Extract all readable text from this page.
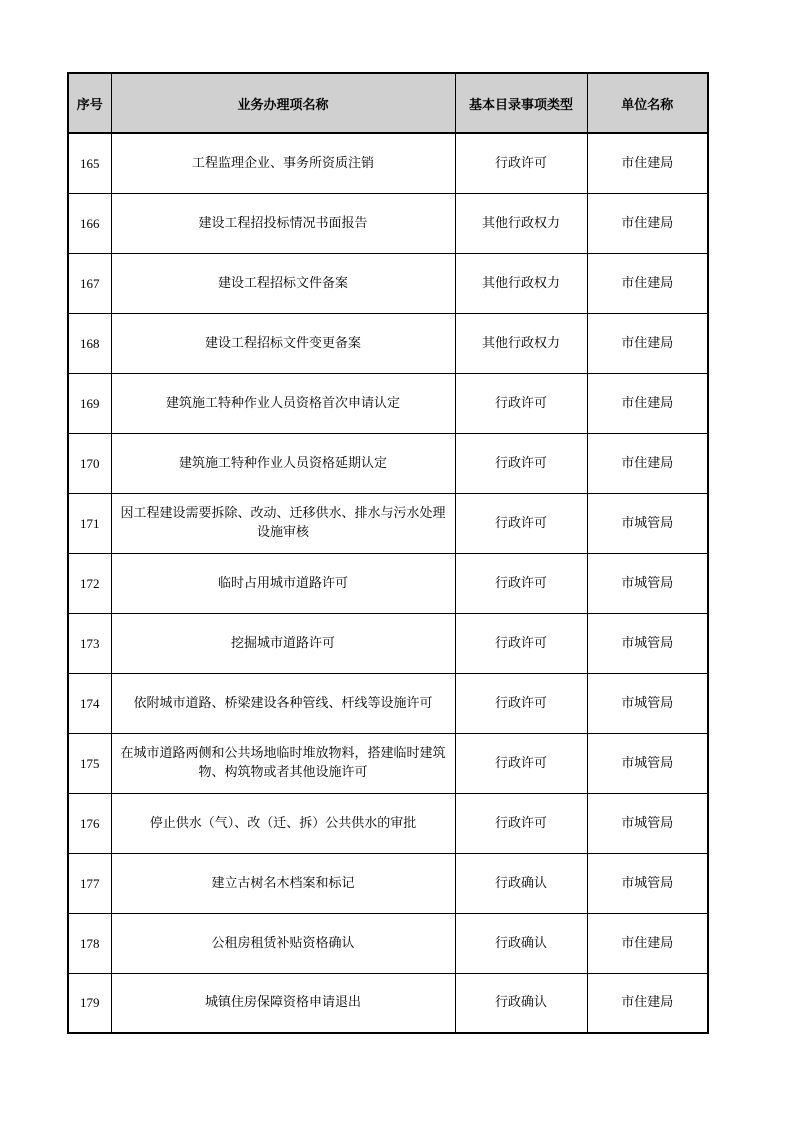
序号	业务办理项名称	基本目录事项类型	单位名称
165	工程监理企业、事务所资质注销	行政许可	市住建局
166	建设工程招投标情况书面报告	其他行政权力	市住建局
167	建设工程招标文件备案	其他行政权力	市住建局
168	建设工程招标文件变更备案	其他行政权力	市住建局
169	建筑施工特种作业人员资格首次申请认定	行政许可	市住建局
170	建筑施工特种作业人员资格延期认定	行政许可	市住建局
171	因工程建设需要拆除、改动、迁移供水、排水与污水处理设施审核	行政许可	市城管局
172	临时占用城市道路许可	行政许可	市城管局
173	挖掘城市道路许可	行政许可	市城管局
174	依附城市道路、桥梁建设各种管线、杆线等设施许可	行政许可	市城管局
175	在城市道路两侧和公共场地临时堆放物料，搭建临时建筑物、构筑物或者其他设施许可	行政许可	市城管局
176	停止供水（气）、改（迁、拆）公共供水的审批	行政许可	市城管局
177	建立古树名木档案和标记	行政确认	市城管局
178	公租房租赁补贴资格确认	行政确认	市住建局
179	城镇住房保障资格申请退出	行政确认	市住建局
